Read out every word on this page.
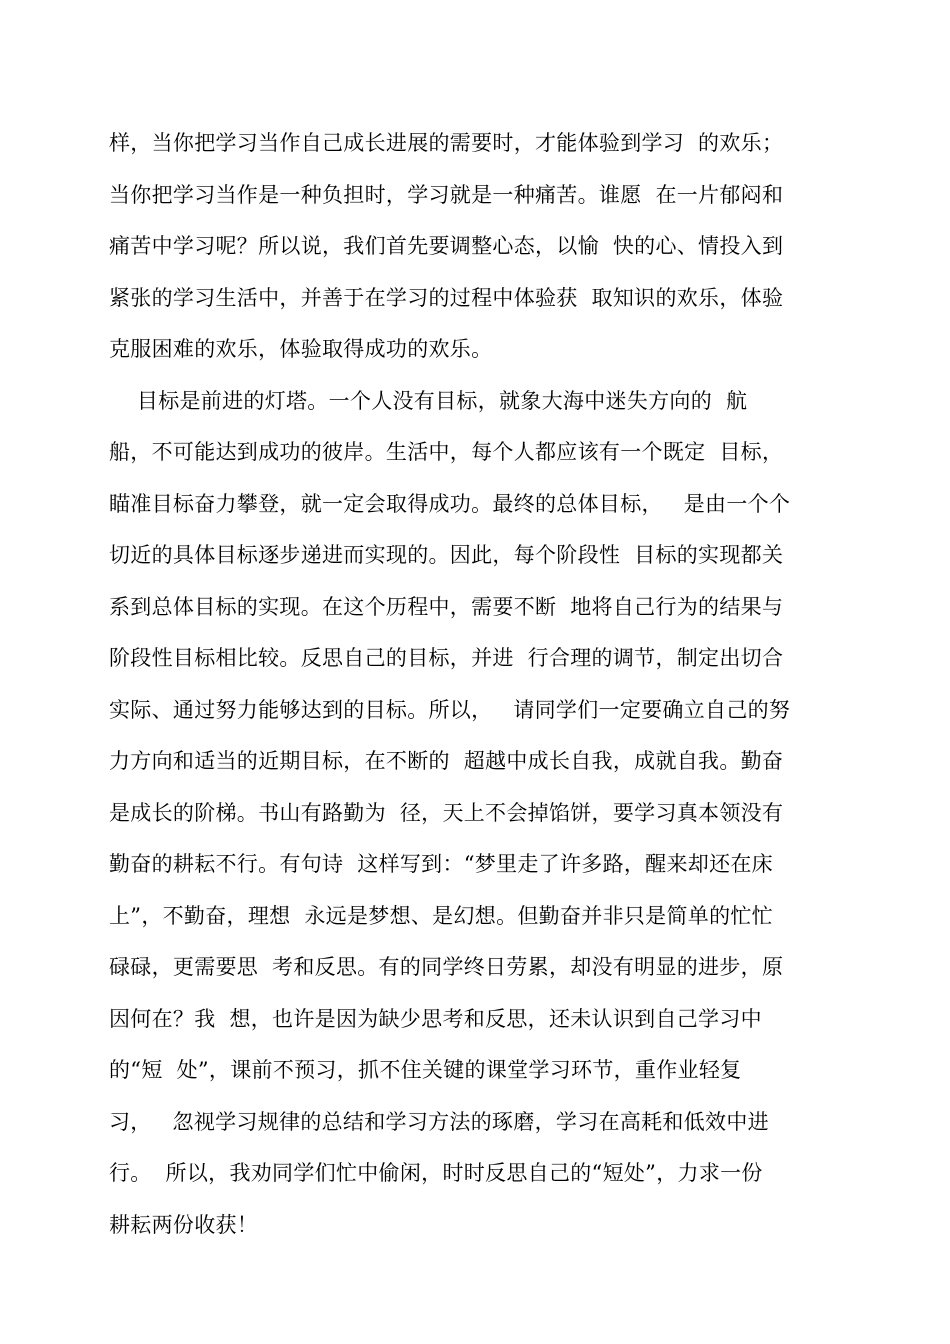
样，当你把学习当作自己成长进展的需要时，才能体验到学习  的欢乐；
当你把学习当作是一种负担时，学习就是一种痛苦。谁愿  在一片郁闷和
痛苦中学习呢？所以说，我们首先要调整心态，以愉  快的心、情投入到
紧张的学习生活中，并善于在学习的过程中体验获  取知识的欢乐，体验
克服困难的欢乐，体验取得成功的欢乐。
目标是前进的灯塔。一个人没有目标，就象大海中迷失方向的  航
船，不可能达到成功的彼岸。生活中，每个人都应该有一个既定  目标，
瞄准目标奋力攀登，就一定会取得成功。最终的总体目标，   是由一个个
切近的具体目标逐步递进而实现的。因此，每个阶段性  目标的实现都关
系到总体目标的实现。在这个历程中，需要不断  地将自己行为的结果与
阶段性目标相比较。反思自己的目标，并进  行合理的调节，制定出切合
实际、通过努力能够达到的目标。所以，   请同学们一定要确立自己的努
力方向和适当的近期目标，在不断的  超越中成长自我，成就自我。勤奋
是成长的阶梯。书山有路勤为  径，天上不会掉馅饼，要学习真本领没有
勤奋的耕耘不行。有句诗  这样写到：“梦里走了许多路，醒来却还在床
上”，不勤奋，理想  永远是梦想、是幻想。但勤奋并非只是简单的忙忙
碌碌，更需要思  考和反思。有的同学终日劳累，却没有明显的进步，原
因何在？我  想，也许是因为缺少思考和反思，还未认识到自己学习中
的“短  处”，课前不预习，抓不住关键的课堂学习环节，重作业轻复
习，   忽视学习规律的总结和学习方法的琢磨，学习在高耗和低效中进
行。  所以，我劝同学们忙中偷闲，时时反思自己的“短处”，力求一份
耕耘两份收获！
